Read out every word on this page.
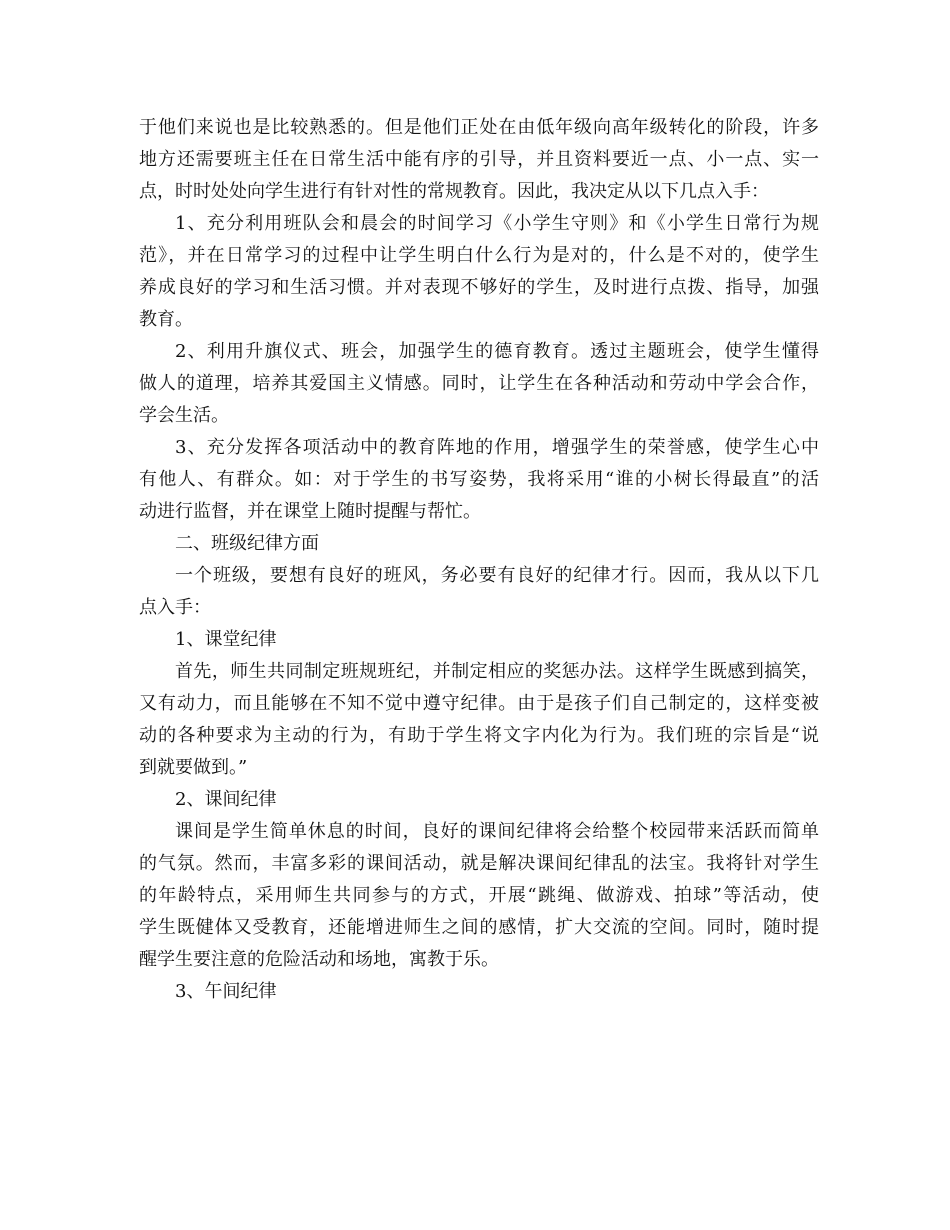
于他们来说也是比较熟悉的。但是他们正处在由低年级向高年级转化的阶段，许多
地方还需要班主任在日常生活中能有序的引导，并且资料要近一点、小一点、实一
点，时时处处向学生进行有针对性的常规教育。因此，我决定从以下几点入手：
1、充分利用班队会和晨会的时间学习《小学生守则》和《小学生日常行为规
范》，并在日常学习的过程中让学生明白什么行为是对的，什么是不对的，使学生
养成良好的学习和生活习惯。并对表现不够好的学生，及时进行点拨、指导，加强
教育。
2、利用升旗仪式、班会，加强学生的德育教育。透过主题班会，使学生懂得
做人的道理，培养其爱国主义情感。同时，让学生在各种活动和劳动中学会合作，
学会生活。
3、充分发挥各项活动中的教育阵地的作用，增强学生的荣誉感，使学生心中
有他人、有群众。如：对于学生的书写姿势，我将采用“谁的小树长得最直”的活
动进行监督，并在课堂上随时提醒与帮忙。
二、班级纪律方面
一个班级，要想有良好的班风，务必要有良好的纪律才行。因而，我从以下几
点入手：
1、课堂纪律
首先，师生共同制定班规班纪，并制定相应的奖惩办法。这样学生既感到搞笑，
又有动力，而且能够在不知不觉中遵守纪律。由于是孩子们自己制定的，这样变被
动的各种要求为主动的行为，有助于学生将文字内化为行为。我们班的宗旨是“说
到就要做到。”
2、课间纪律
课间是学生简单休息的时间，良好的课间纪律将会给整个校园带来活跃而简单
的气氛。然而，丰富多彩的课间活动，就是解决课间纪律乱的法宝。我将针对学生
的年龄特点，采用师生共同参与的方式，开展“跳绳、做游戏、拍球”等活动，使
学生既健体又受教育，还能增进师生之间的感情，扩大交流的空间。同时，随时提
醒学生要注意的危险活动和场地，寓教于乐。
3、午间纪律
